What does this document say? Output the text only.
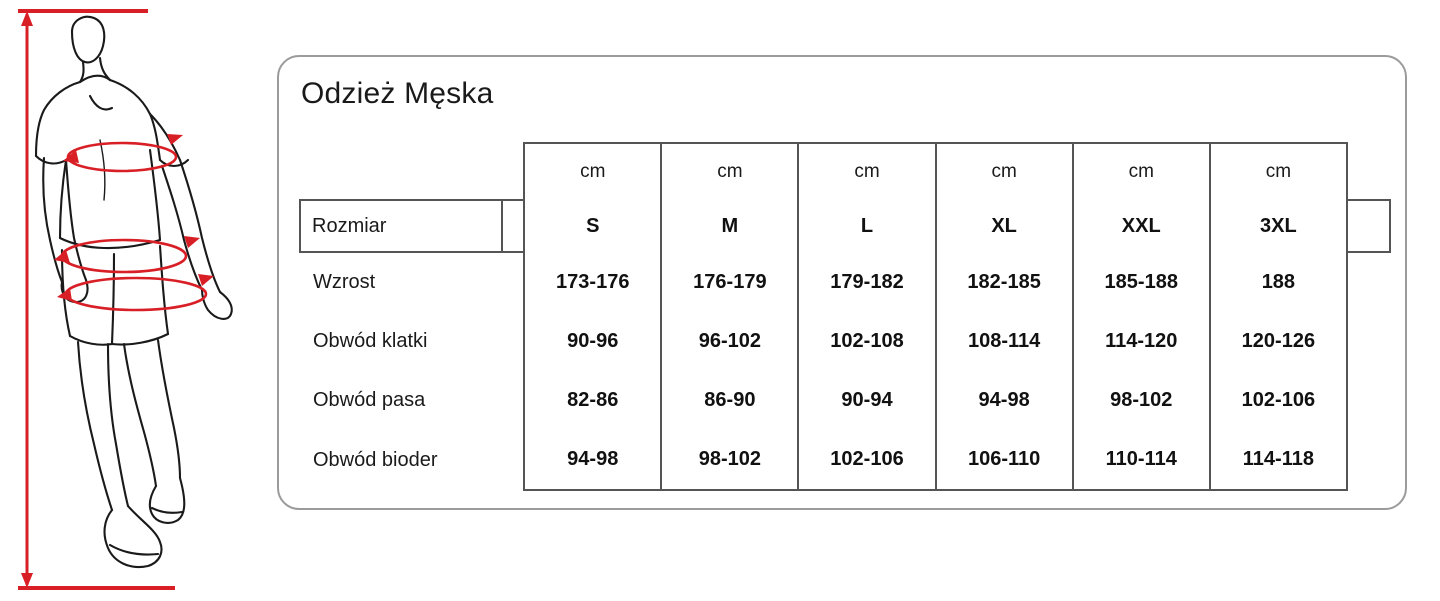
Odzież Męska
		cm	cm	cm	cm	cm	cm	
Rozmiar		S	M	L	XL	XXL	3XL	
Wzrost		173-176	176-179	179-182	182-185	185-188	188	
Obwód klatki		90-96	96-102	102-108	108-114	114-120	120-126	
Obwód pasa		82-86	86-90	90-94	94-98	98-102	102-106	
Obwód bioder		94-98	98-102	102-106	106-110	110-114	114-118	
